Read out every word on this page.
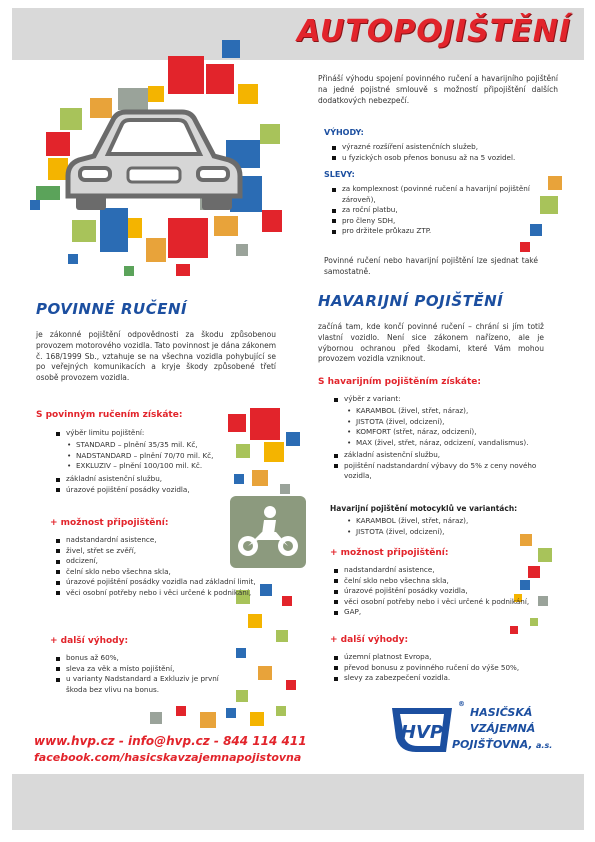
AUTOPOJIŠTĚNÍ
Přináší výhodu spojení povinného ručení a havarijního pojištění na jedné pojistné smlouvě s možností připojištění dalších dodatkových nebezpečí.
VÝHODY:
výrazné rozšíření asistenčních služeb,
u fyzických osob přenos bonusu až na 5 vozidel.
SLEVY:
za komplexnost (povinné ručení a havarijní pojištění zároveň),
za roční platbu,
pro členy SDH,
pro držitele průkazu ZTP.
Povinné ručení nebo havarijní pojištění lze sjednat také samostatně.
POVINNÉ RUČENÍ
je zákonné pojištění odpovědnosti za škodu způsobenou provozem motorového vozidla. Tato povinnost je dána zákonem č. 168/1999 Sb., vztahuje se na všechna vozidla pohybující se po veřejných komunikacích a kryje škody způsobené třetí osobě provozem vozidla.
S povinným ručením získáte:
výběr limitu pojištění:
• STANDARD – plnění 35/35 mil. Kč,
• NADSTANDARD – plnění 70/70 mil. Kč,
• EXKLUZIV – plnění 100/100 mil. Kč.
základní asistenční službu,
úrazové pojištění posádky vozidla,
+ možnost připojištění:
nadstandardní asistence,
živel, střet se zvěří,
odcizení,
čelní sklo nebo všechna skla,
úrazové pojištění posádky vozidla nad základní limit,
věci osobní potřeby nebo i věci určené k podnikání,
+ další výhody:
bonus až 60%,
sleva za věk a místo pojištění,
u varianty Nadstandard a Exkluziv je první škoda bez vlivu na bonus.
HAVARIJNÍ POJIŠTĚNÍ
začíná tam, kde končí povinné ručení – chrání si jím totiž vlastní vozidlo. Není sice zákonem nařízeno, ale je výbornou ochranou před škodami, které Vám mohou provozem vozidla vzniknout.
S havarijním pojištěním získáte:
výběr z variant:
• KARAMBOL (živel, střet, náraz),
• JISTOTA (živel, odcizení),
• KOMFORT (střet, náraz, odcizení),
• MAX (živel, střet, náraz, odcizení, vandalismus).
základní asistenční službu,
pojištění nadstandardní výbavy do 5% z ceny nového vozidla,
Havarijní pojištění motocyklů ve variantách:
• KARAMBOL (živel, střet, náraz),
• JISTOTA (živel, odcizení),
+ možnost připojištění:
nadstandardní asistence,
čelní sklo nebo všechna skla,
úrazové pojištění posádky vozidla,
věci osobní potřeby nebo i věci určené k podnikání,
GAP,
+ další výhody:
územní platnost Evropa,
převod bonusu z povinného ručení do výše 50%,
slevy za zabezpečení vozidla.
www.hvp.cz - info@hvp.cz - 844 114 411
facebook.com/hasicskavzajemnapojistovna
HVP
®
HASIČSKÁ
VZÁJEMNÁ
POJIŠŤOVNA, a.s.
